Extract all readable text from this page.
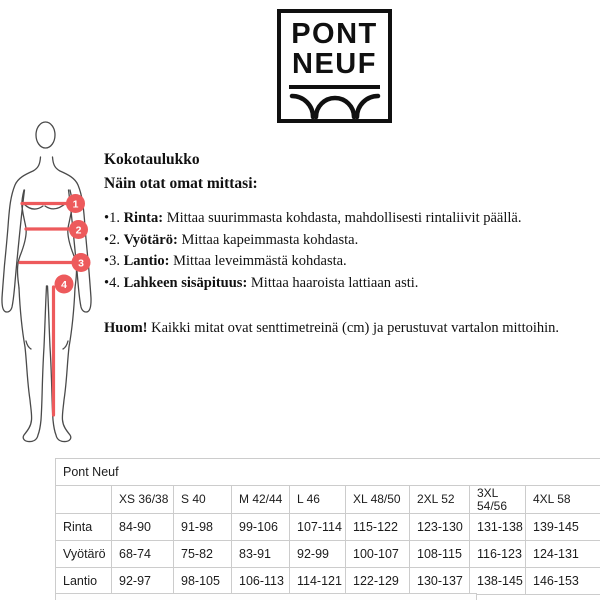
PONT
NEUF
1
2
3
4

Kokotaulukko

Näin otat omat mittasi:

•1. Rinta: Mittaa suurimmasta kohdasta, mahdollisesti rintaliivit päällä.
•2. Vyötärö: Mittaa kapeimmasta kohdasta.
•3. Lantio: Mittaa leveimmästä kohdasta.
•4. Lahkeen sisäpituus: Mittaa haaroista lattiaan asti.
Huom! Kaikki mitat ovat senttimetreinä (cm) ja perustuvat vartalon mittoihin.
Pont Neuf								
	XS 36/38	S 40	M 42/44	L 46	XL 48/50	2XL 52	3XL 54/56	4XL 58
Rinta	84-90	91-98	99-106	107-114	115-122	123-130	131-138	139-145
Vyötärö	68-74	75-82	83-91	92-99	100-107	108-115	116-123	124-131
Lantio	92-97	98-105	106-113	114-121	122-129	130-137	138-145	146-153
